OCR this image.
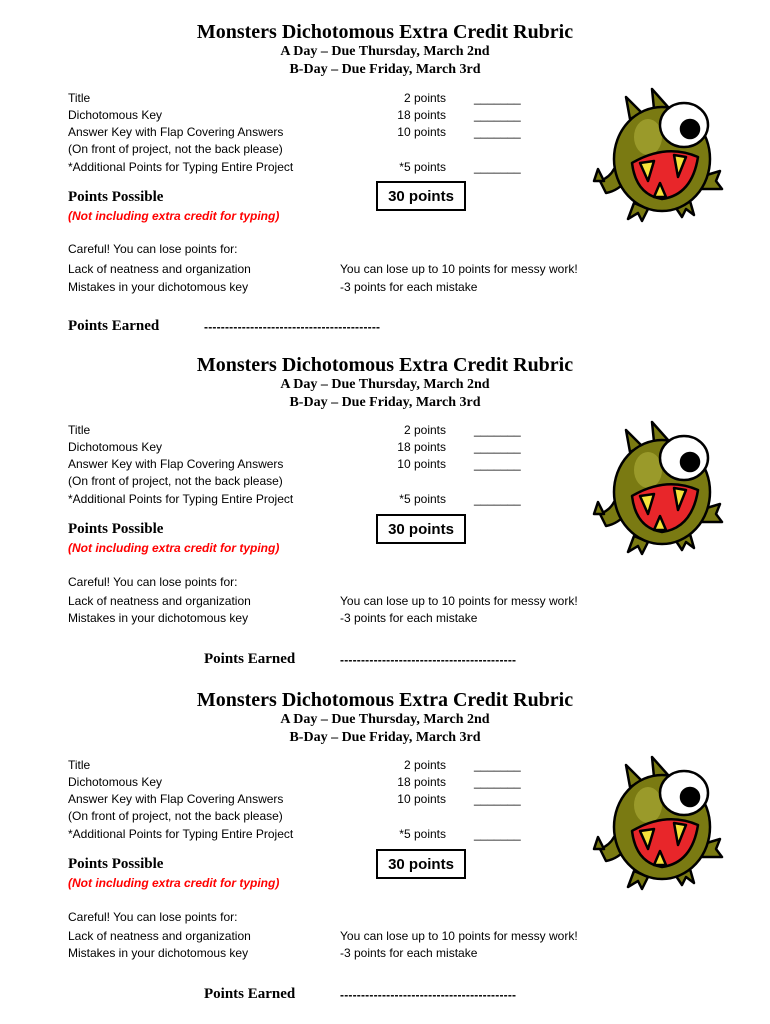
Monsters Dichotomous Extra Credit Rubric
A Day – Due Thursday, March 2nd
B-Day – Due Friday, March 3rd
Title	2 points _______
Dichotomous Key	18 points _______
Answer Key with Flap Covering Answers	10 points _______
(On front of project, not the back please)
*Additional Points for Typing Entire Project	*5 points _______
Points Possible	30 points
(Not including extra credit for typing)
Careful! You can lose points for:
Lack of neatness and organization	You can lose up to 10 points for messy work!
Mistakes in your dichotomous key	-3 points for each mistake
Points Earned	------------------------------------------
Monsters Dichotomous Extra Credit Rubric
A Day – Due Thursday, March 2nd
B-Day – Due Friday, March 3rd
Title	2 points _______
Dichotomous Key	18 points _______
Answer Key with Flap Covering Answers	10 points _______
(On front of project, not the back please)
*Additional Points for Typing Entire Project	*5 points _______
Points Possible	30 points
(Not including extra credit for typing)
Careful! You can lose points for:
Lack of neatness and organization	You can lose up to 10 points for messy work!
Mistakes in your dichotomous key	-3 points for each mistake
Points Earned	------------------------------------------
Monsters Dichotomous Extra Credit Rubric
A Day – Due Thursday, March 2nd
B-Day – Due Friday, March 3rd
Title	2 points _______
Dichotomous Key	18 points _______
Answer Key with Flap Covering Answers	10 points _______
(On front of project, not the back please)
*Additional Points for Typing Entire Project	*5 points _______
Points Possible	30 points
(Not including extra credit for typing)
Careful! You can lose points for:
Lack of neatness and organization	You can lose up to 10 points for messy work!
Mistakes in your dichotomous key	-3 points for each mistake
Points Earned	------------------------------------------
